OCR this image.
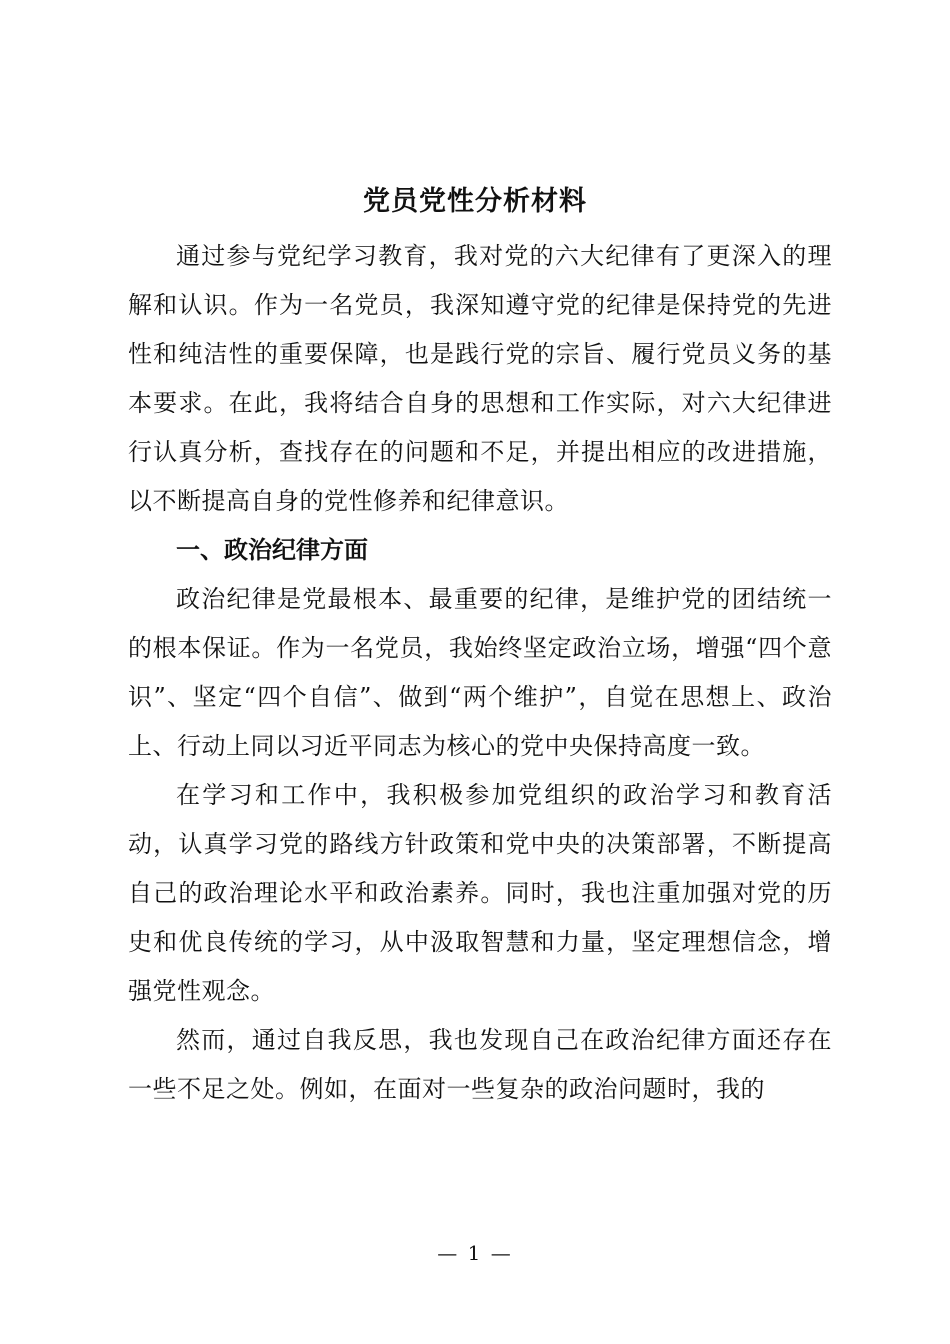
党员党性分析材料

通过参与党纪学习教育，我对党的六大纪律有了更深入的理解和认识。作为一名党员，我深知遵守党的纪律是保持党的先进性和纯洁性的重要保障，也是践行党的宗旨、履行党员义务的基本要求。在此，我将结合自身的思想和工作实际，对六大纪律进行认真分析，查找存在的问题和不足，并提出相应的改进措施，以不断提高自身的党性修养和纪律意识。

一、政治纪律方面

政治纪律是党最根本、最重要的纪律，是维护党的团结统一的根本保证。作为一名党员，我始终坚定政治立场，增强“四个意识”、坚定“四个自信”、做到“两个维护”，自觉在思想上、政治上、行动上同以习近平同志为核心的党中央保持高度一致。

在学习和工作中，我积极参加党组织的政治学习和教育活动，认真学习党的路线方针政策和党中央的决策部署，不断提高自己的政治理论水平和政治素养。同时，我也注重加强对党的历史和优良传统的学习，从中汲取智慧和力量，坚定理想信念，增强党性观念。

然而，通过自我反思，我也发现自己在政治纪律方面还存在一些不足之处。例如，在面对一些复杂的政治问题时，我的

— 1 —
